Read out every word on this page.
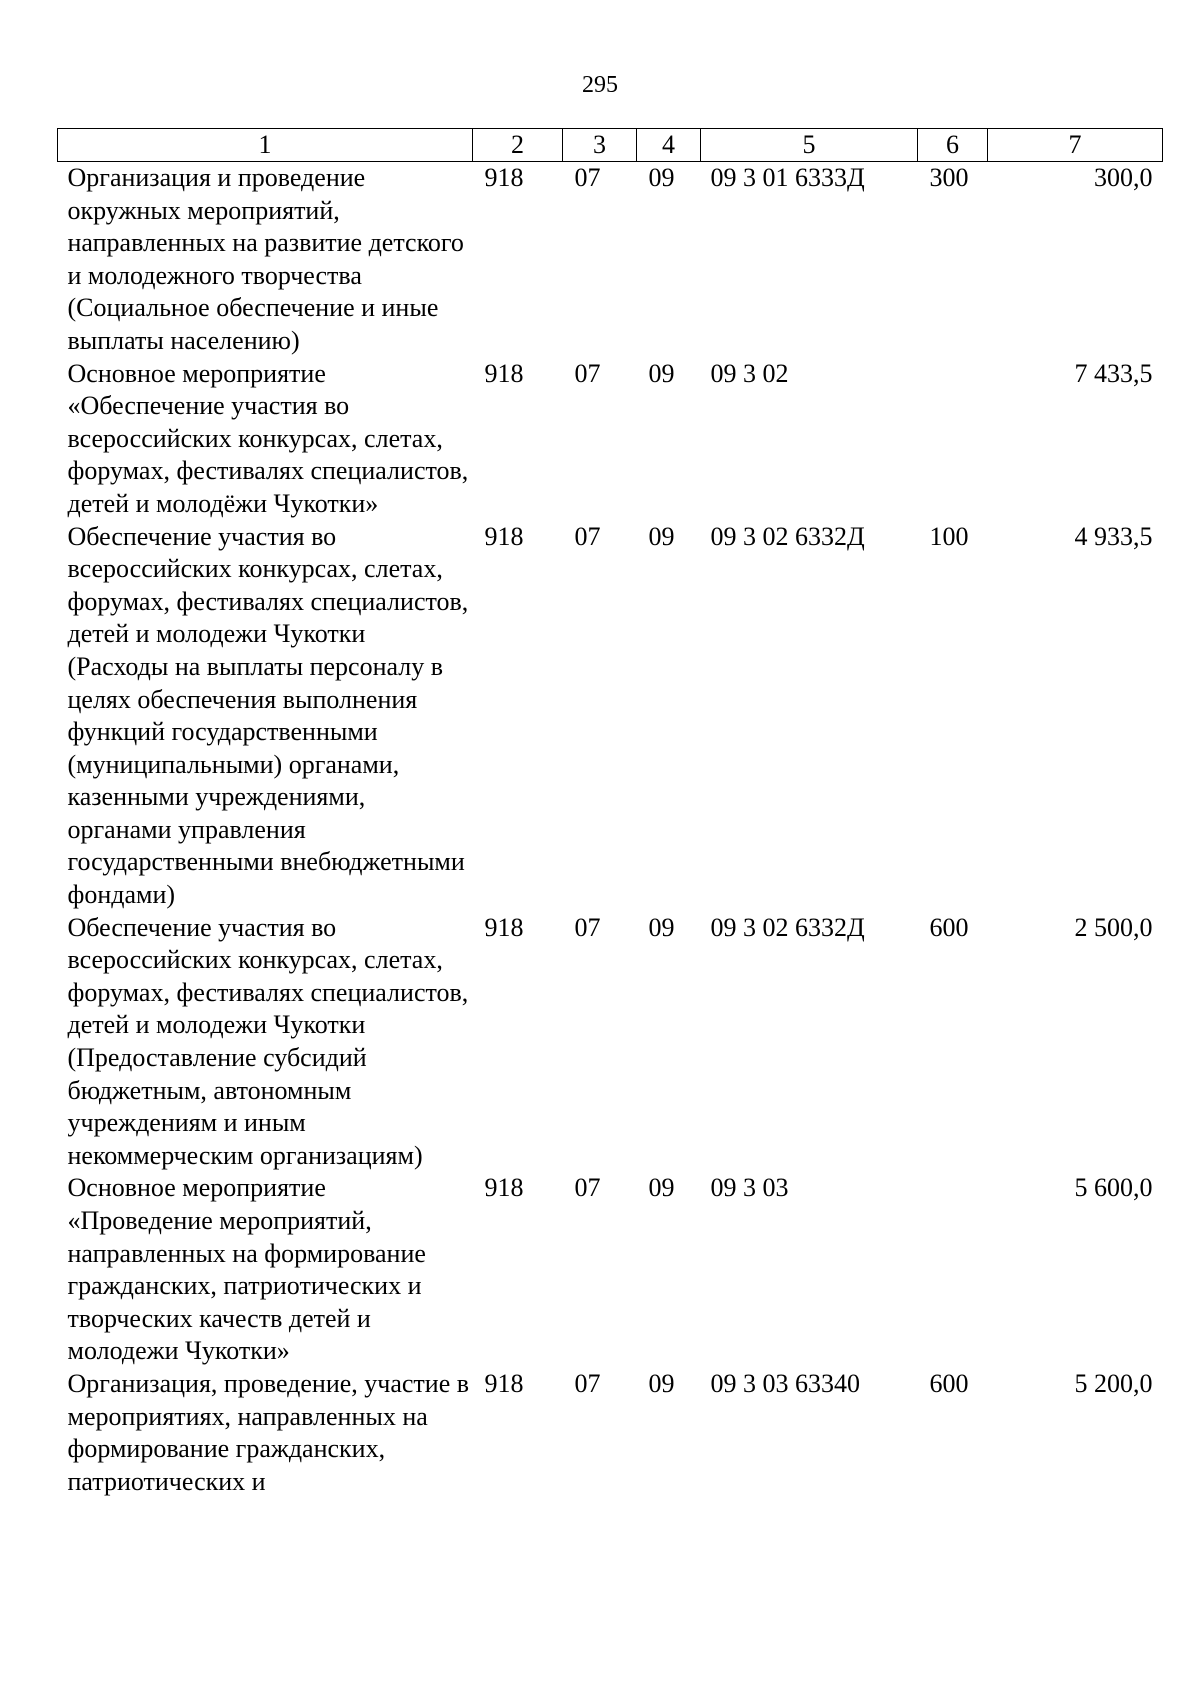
295
1	2	3	4	5	6	7
Организация и проведение окружных мероприятий, направленных на развитие детского и молодежного творчества (Социальное обеспечение и иные выплаты населению)	918	07	09	09 3 01 6333Д	300	300,0
Основное мероприятие «Обеспечение участия во всероссийских конкурсах, слетах, форумах, фестивалях специалистов, детей и молодёжи Чукотки»	918	07	09	09 3 02		7 433,5
Обеспечение участия во всероссийских конкурсах, слетах, форумах, фестивалях специалистов, детей и молодежи Чукотки (Расходы на выплаты персоналу в целях обеспечения выполнения функций государственными (муниципальными) органами, казенными учреждениями, органами управления государственными внебюджетными фондами)	918	07	09	09 3 02 6332Д	100	4 933,5
Обеспечение участия во всероссийских конкурсах, слетах, форумах, фестивалях специалистов, детей и молодежи Чукотки (Предоставление субсидий бюджетным, автономным учреждениям и иным некоммерческим организациям)	918	07	09	09 3 02 6332Д	600	2 500,0
Основное мероприятие «Проведение мероприятий, направленных на формирование гражданских, патриотических и творческих качеств детей и молодежи Чукотки»	918	07	09	09 3 03		5 600,0
Организация, проведение, участие в мероприятиях, направленных на формирование гражданских, патриотических и	918	07	09	09 3 03 63340	600	5 200,0
